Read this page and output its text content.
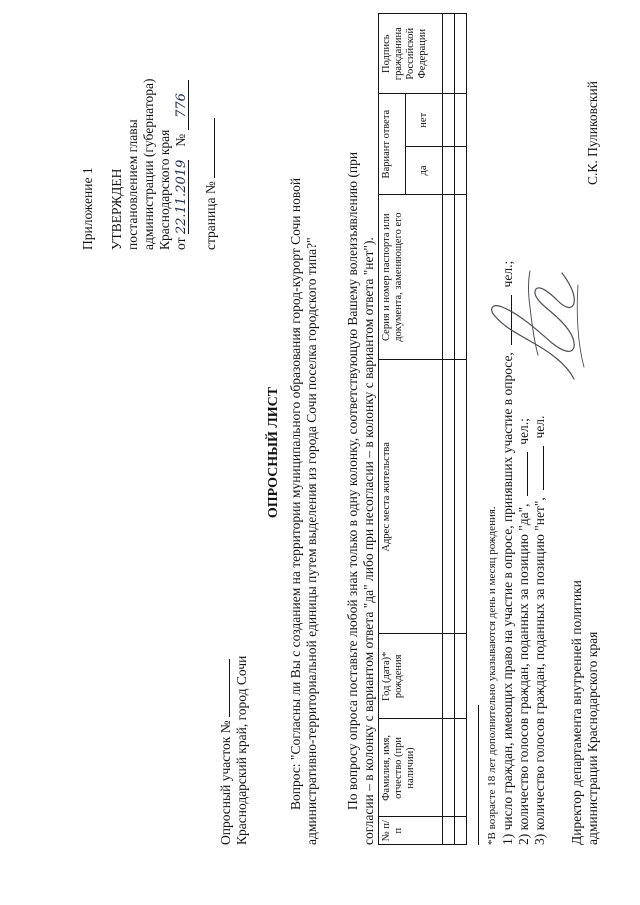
Приложение 1 УТВЕРЖДЕН постановлением главы администрации (губернатора) Краснодарского края от 22.11.2019 № 776
страница №
Опросный участок № Краснодарский край, город Сочи
ОПРОСНЫЙ ЛИСТ Вопрос: "Согласны ли Вы с созданием на территории муниципального образования город-курорт Сочи новой административно-территориальной единицы путем выделения из города Сочи поселка городского типа?" По вопросу опроса поставьте любой знак только в одну колонку, соответствующую Вашему волеизъявлению (при согласии – в колонку с вариантом ответа "да" либо при несогласии – в колонку с вариантом ответа "нет"). № п/п	Фамилия, имя, отчество (при наличии)	Год (дата)* рождения	Адрес места жительства	Серия и номер паспорта или документа, заменяющего его	Вариант ответа		Подпись гражданина Российской Федерации
					да	нет	

*В возрасте 18 лет дополнительно указываются день и месяц рождения. 1) число граждан, имеющих право на участие в опросе, принявших участие в опросе,  чел.;
2) количество голосов граждан, поданных за позицию "да",  чел.;
3) количество голосов граждан, поданных за позицию "нет",  чел.
Директор департамента внутренней политики администрации Краснодарского края
С.К. Пуликовский
